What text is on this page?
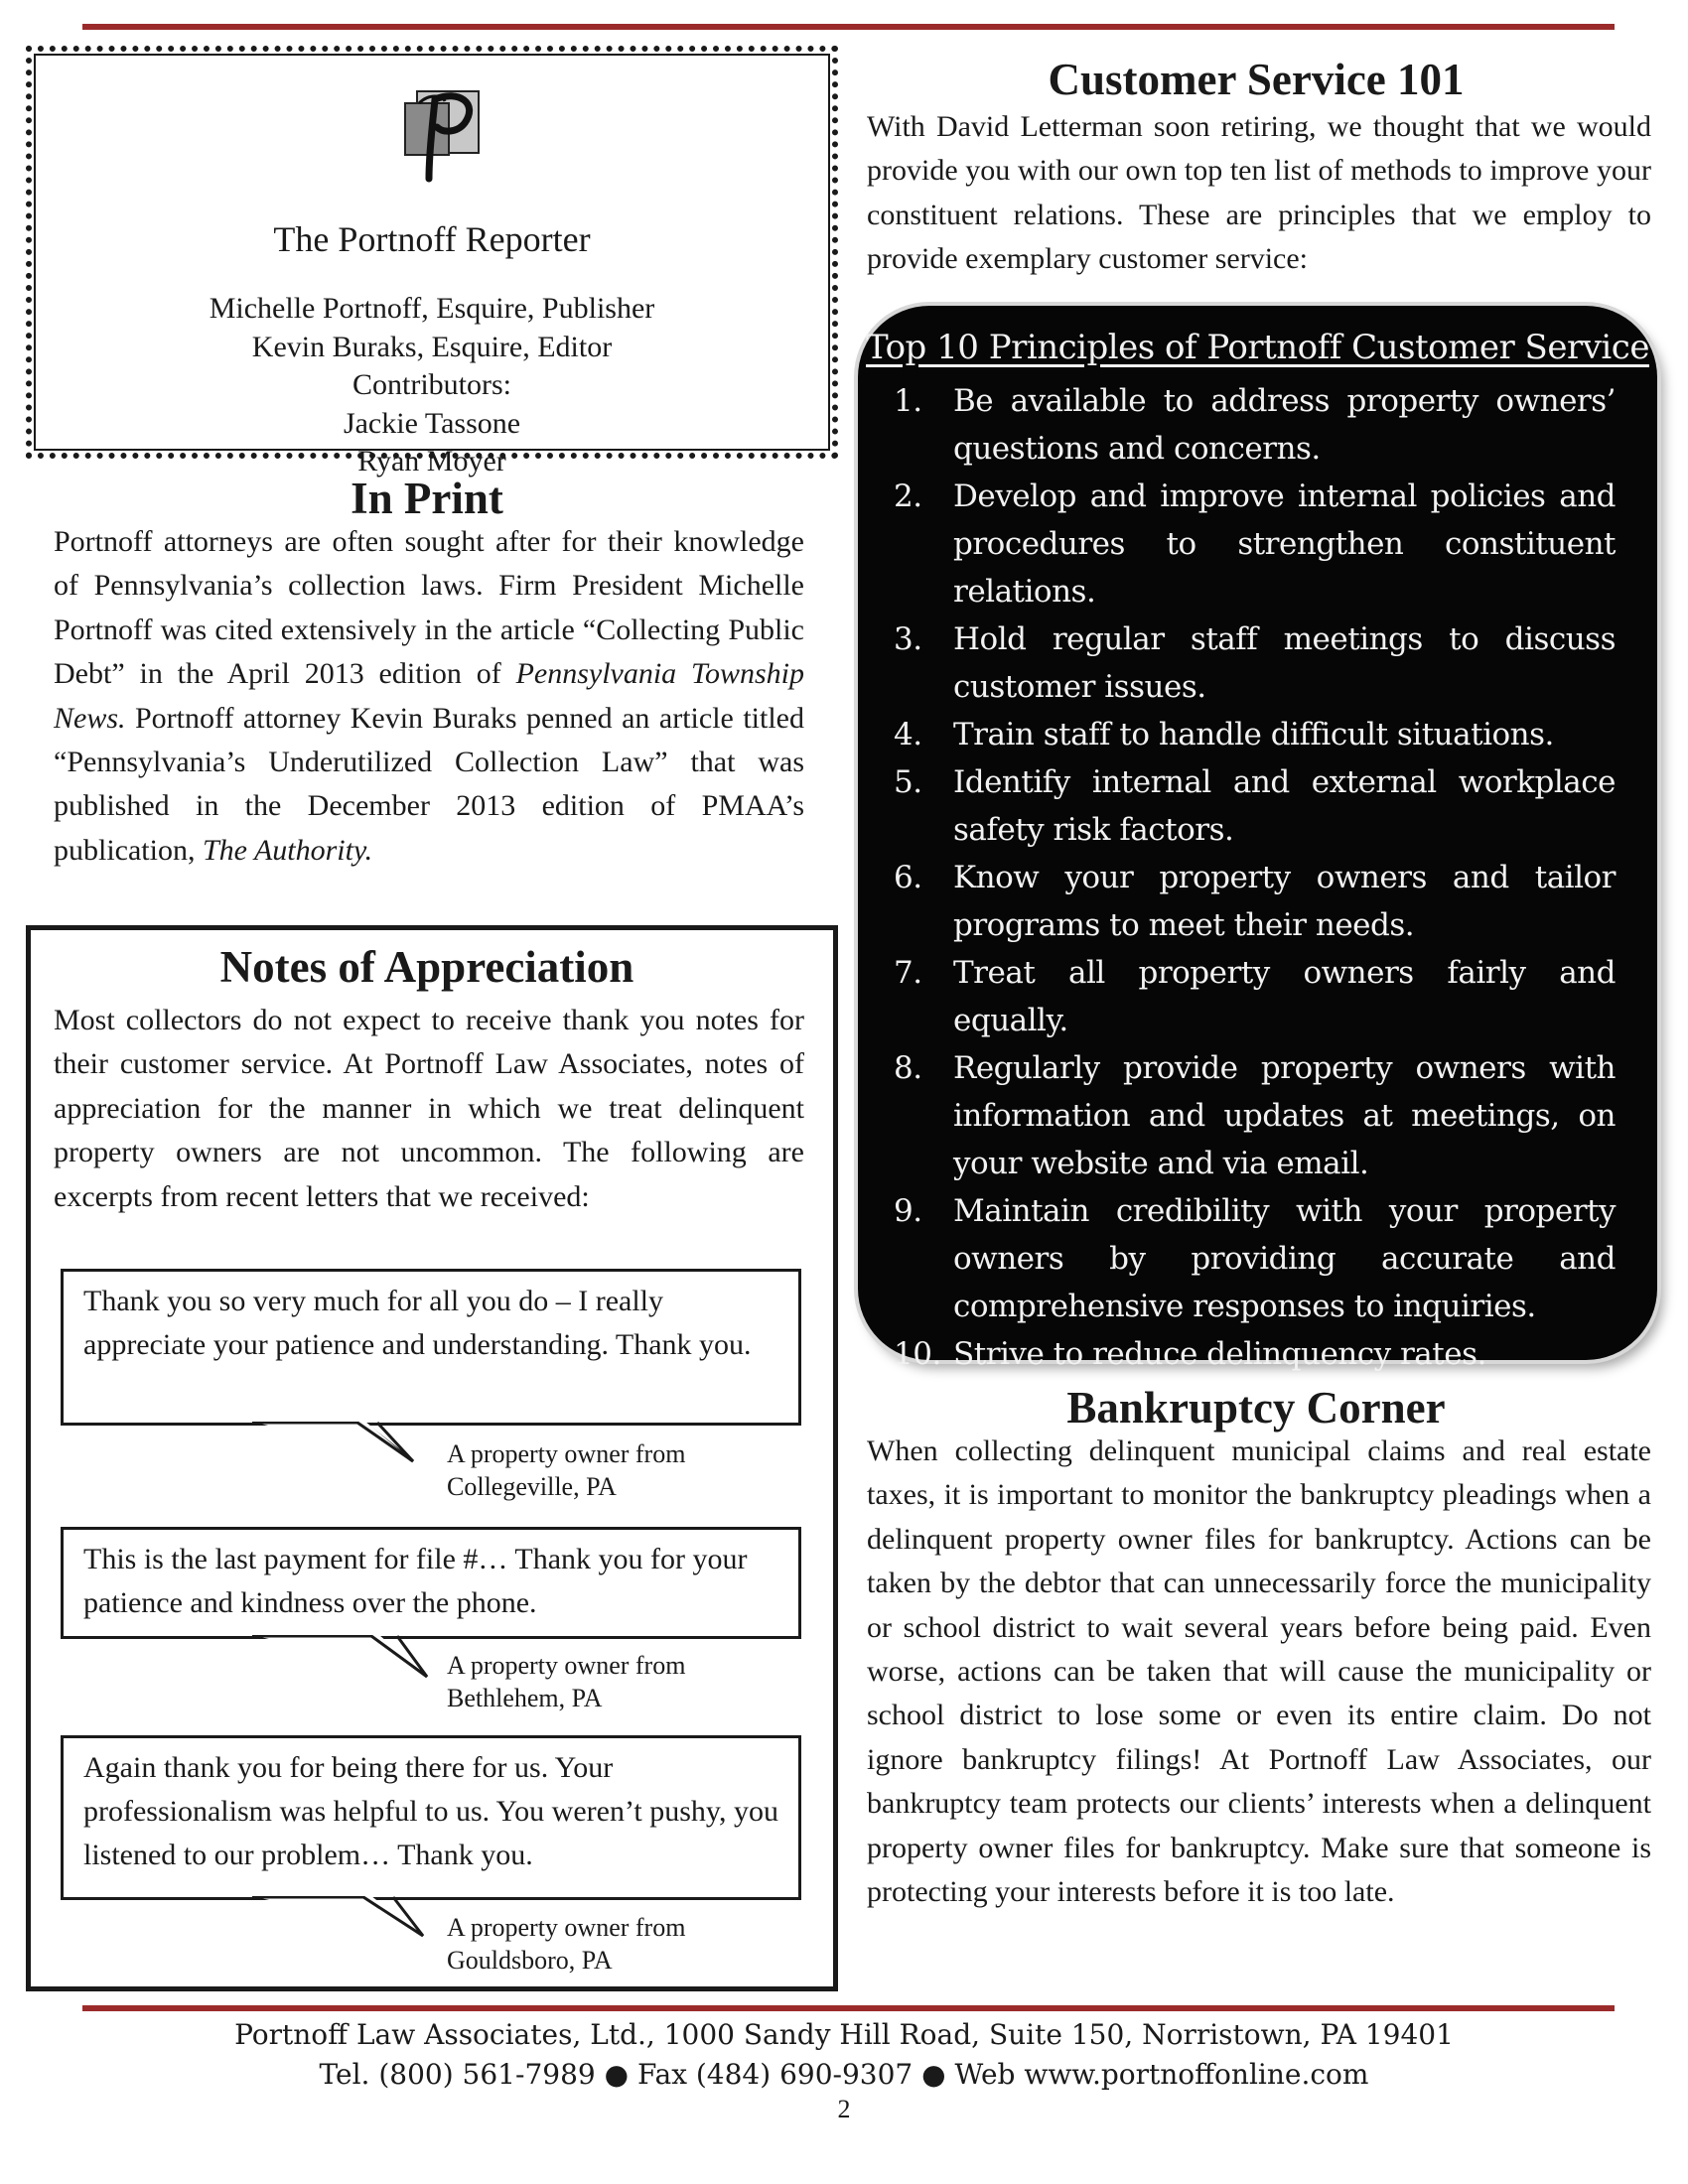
The Portnoff Reporter
Michelle Portnoff, Esquire, Publisher
Kevin Buraks, Esquire, Editor
Contributors:
Jackie Tassone
Ryan Moyer
In Print

Portnoff attorneys are often sought after for their knowledge of Pennsylvania’s collection laws. Firm President Michelle Portnoff was cited extensively in the article “Collecting Public Debt” in the April 2013 edition of Pennsylvania Township News. Portnoff attorney Kevin Buraks penned an article titled “Pennsylvania’s Underutilized Collection Law” that was published in the December 2013 edition of PMAA’s publication, The Authority.

Notes of Appreciation

Most collectors do not expect to receive thank you notes for their customer service. At Portnoff Law Associates, notes of appreciation for the manner in which we treat delinquent property owners are not uncommon. The following are excerpts from recent letters that we received:

Thank you so very much for all you do – I really appreciate your patience and understanding. Thank you.
A property owner from
Collegeville, PA
This is the last payment for file #… Thank you for your patience and kindness over the phone.
A property owner from
Bethlehem, PA
Again thank you for being there for us. Your professionalism was helpful to us. You weren’t pushy, you listened to our problem… Thank you.
A property owner from
Gouldsboro, PA
Customer Service 101

With David Letterman soon retiring, we thought that we would provide you with our own top ten list of methods to improve your constituent relations. These are principles that we employ to provide exemplary customer service:

Top 10 Principles of Portnoff Customer Service
1. Be available to address property owners’ questions and concerns.
2. Develop and improve internal policies and procedures to strengthen constituent relations.
3. Hold regular staff meetings to discuss customer issues.
4. Train staff to handle difficult situations.
5. Identify internal and external workplace safety risk factors.
6. Know your property owners and tailor programs to meet their needs.
7. Treat all property owners fairly and equally.
8. Regularly provide property owners with information and updates at meetings, on your website and via email.
9. Maintain credibility with your property owners by providing accurate and comprehensive responses to inquiries.
10. Strive to reduce delinquency rates.
Bankruptcy Corner

When collecting delinquent municipal claims and real estate taxes, it is important to monitor the bankruptcy pleadings when a delinquent property owner files for bankruptcy. Actions can be taken by the debtor that can unnecessarily force the municipality or school district to wait several years before being paid. Even worse, actions can be taken that will cause the municipality or school district to lose some or even its entire claim. Do not ignore bankruptcy filings! At Portnoff Law Associates, our bankruptcy team protects our clients’ interests when a delinquent property owner files for bankruptcy. Make sure that someone is protecting your interests before it is too late.

Portnoff Law Associates, Ltd., 1000 Sandy Hill Road, Suite 150, Norristown, PA 19401
Tel. (800) 561-7989 ● Fax (484) 690-9307 ● Web www.portnoffonline.com
2
